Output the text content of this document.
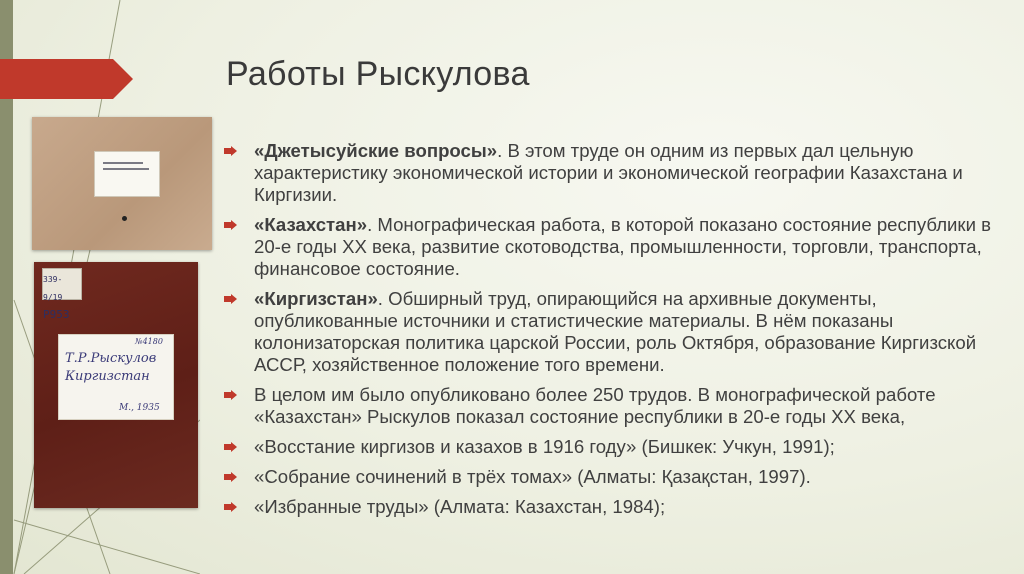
Работы Рыскулова
339-9/19 Р953
№4180
Т.Р.Рыскулов
Киргизстан
М., 1935
«Джетысуйские вопросы». В этом труде он одним из первых дал цельную характеристику экономической истории и экономической географии Казахстана и Киргизии.
«Казахстан». Монографическая работа, в которой показано состояние республики в 20-е годы XX века, развитие скотоводства, промышленности, торговли, транспорта, финансовое состояние.
«Киргизстан». Обширный труд, опирающийся на архивные документы, опубликованные источники и статистические материалы. В нём показаны колонизаторская политика царской России, роль Октября, образование Киргизской АССР, хозяйственное положение того времени.
В целом им было опубликовано более 250 трудов. В монографической работе «Казахстан» Рыскулов показал состояние республики в 20-е годы XX века,
«Восстание киргизов и казахов в 1916 году» (Бишкек: Учкун, 1991);
«Собрание сочинений в трёх томах» (Алматы: Қазақстан, 1997).
«Избранные труды» (Алмата: Казахстан, 1984);
